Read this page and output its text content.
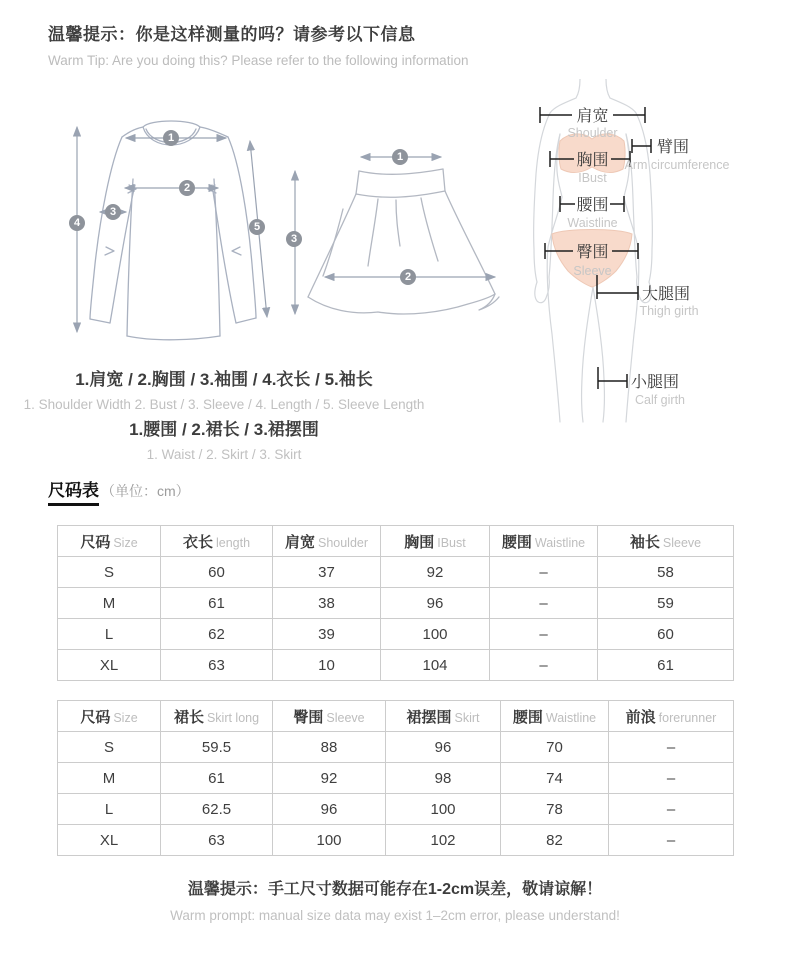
温馨提示：你是这样测量的吗？请参考以下信息
Warm Tip: Are you doing this? Please refer to the following information
肩宽
Shoulder
臂围
Arm circumference
胸围
IBust
腰围
Waistline
臀围
Sleeve
大腿围
Thigh girth
小腿围
Calf girth
1
2
3
4	5
1
2
3
1.肩宽 / 2.胸围 / 3.袖围 / 4.衣长 / 5.袖长
1. Shoulder Width 2. Bust / 3. Sleeve / 4. Length / 5. Sleeve Length
1.腰围 / 2.裙长 / 3.裙摆围
1. Waist / 2. Skirt / 3. Skirt
尺码表 （单位：cm）
尺码 Size	衣长 length	肩宽 Shoulder	胸围 IBust	腰围 Waistline	袖长 Sleeve
S	60	37	92	–	58
M	61	38	96	–	59
L	62	39	100	–	60
XL	63	10	104	–	61
尺码 Size	裙长 Skirt long	臀围 Sleeve	裙摆围 Skirt	腰围 Waistline	前浪 forerunner
S	59.5	88	96	70	–
M	61	92	98	74	–
L	62.5	96	100	78	–
XL	63	100	102	82	–
温馨提示：手工尺寸数据可能存在1-2cm误差，敬请谅解！
Warm prompt: manual size data may exist 1–2cm error, please understand!
